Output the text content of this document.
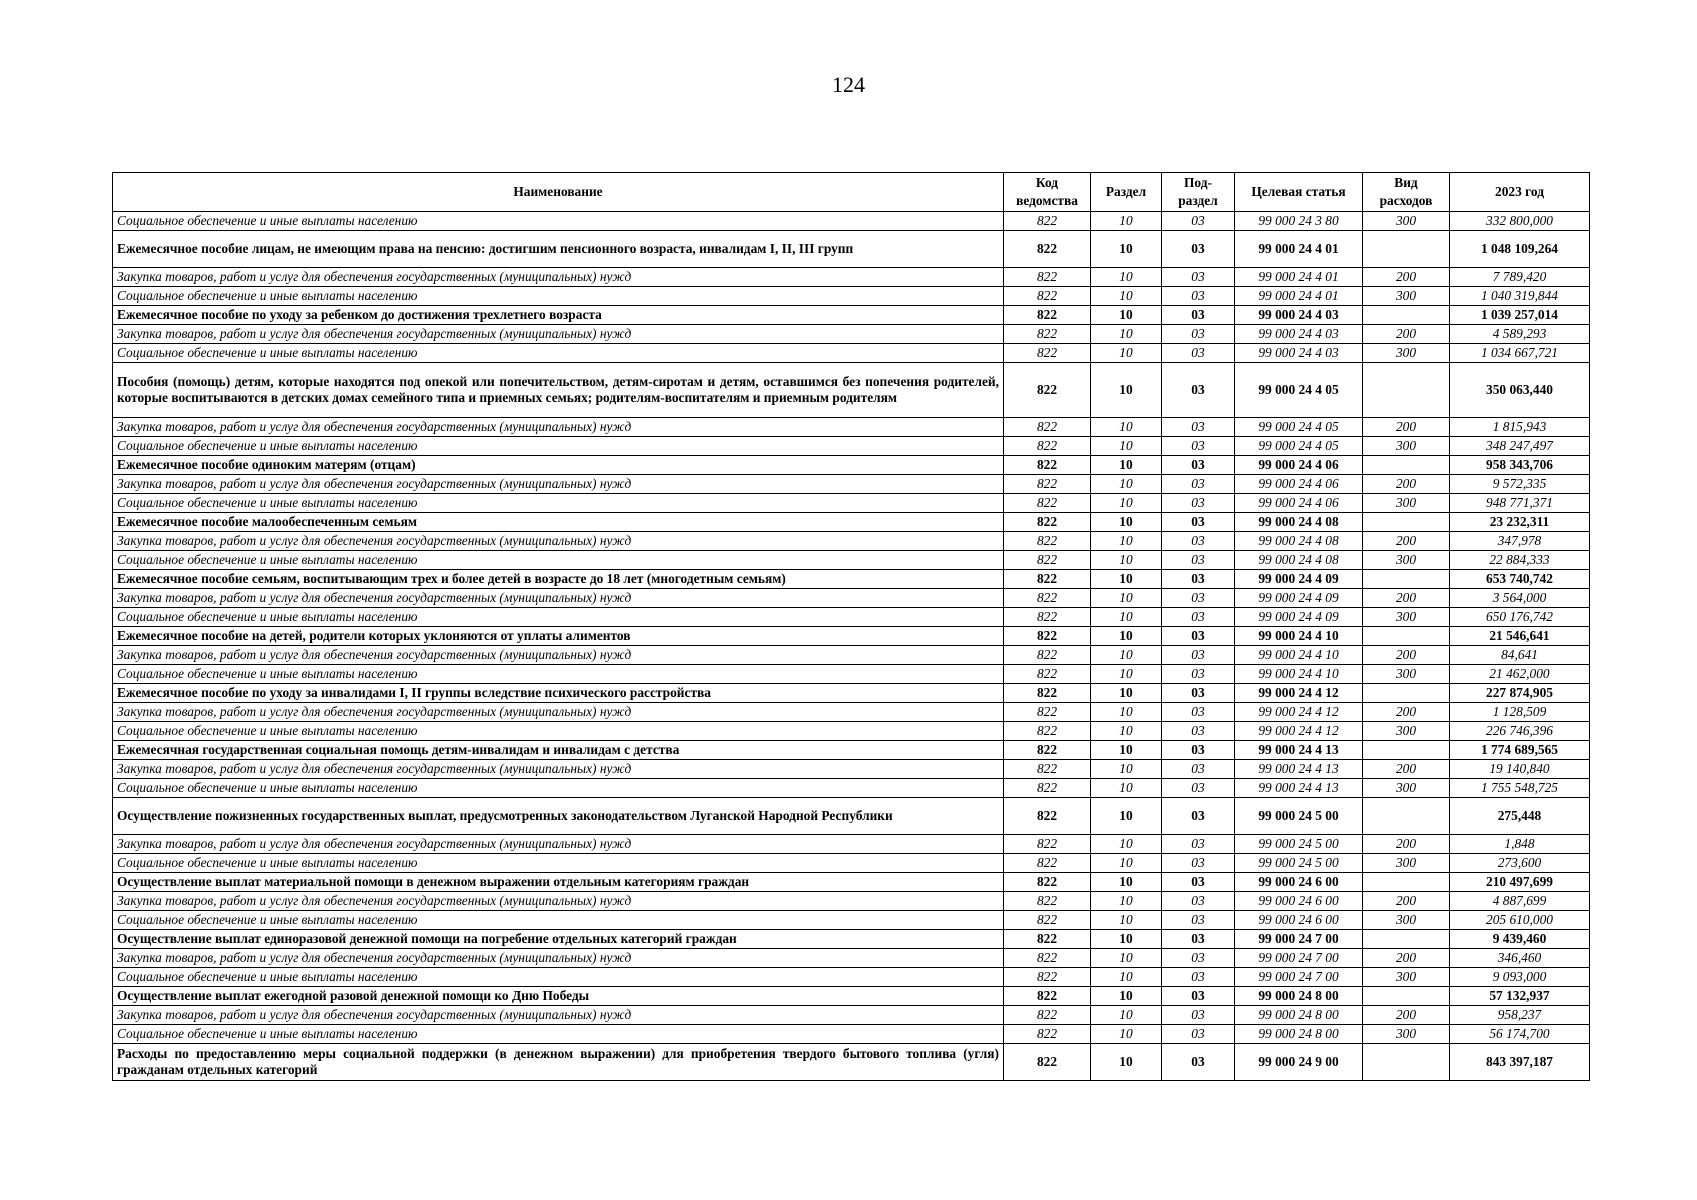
124
Наименование	Код ведомства	Раздел	Под-раздел	Целевая статья	Вид расходов	2023 год
Социальное обеспечение и иные выплаты населению	822	10	03	99 000 24 3 80	300	332 800,000
Ежемесячное пособие лицам, не имеющим права на пенсию: достигшим пенсионного возраста, инвалидам I, II, III групп	822	10	03	99 000 24 4 01		1 048 109,264
Закупка товаров, работ и услуг для обеспечения государственных (муниципальных) нужд	822	10	03	99 000 24 4 01	200	7 789,420
Социальное обеспечение и иные выплаты населению	822	10	03	99 000 24 4 01	300	1 040 319,844
Ежемесячное пособие по уходу за ребенком до достижения трехлетнего возраста	822	10	03	99 000 24 4 03		1 039 257,014
Закупка товаров, работ и услуг для обеспечения государственных (муниципальных) нужд	822	10	03	99 000 24 4 03	200	4 589,293
Социальное обеспечение и иные выплаты населению	822	10	03	99 000 24 4 03	300	1 034 667,721
Пособия (помощь) детям, которые находятся под опекой или попечительством, детям-сиротам и детям, оставшимся без попечения родителей, которые воспитываются в детских домах семейного типа и приемных семьях; родителям-воспитателям и приемным родителям	822	10	03	99 000 24 4 05		350 063,440
Закупка товаров, работ и услуг для обеспечения государственных (муниципальных) нужд	822	10	03	99 000 24 4 05	200	1 815,943
Социальное обеспечение и иные выплаты населению	822	10	03	99 000 24 4 05	300	348 247,497
Ежемесячное пособие одиноким матерям (отцам)	822	10	03	99 000 24 4 06		958 343,706
Закупка товаров, работ и услуг для обеспечения государственных (муниципальных) нужд	822	10	03	99 000 24 4 06	200	9 572,335
Социальное обеспечение и иные выплаты населению	822	10	03	99 000 24 4 06	300	948 771,371
Ежемесячное пособие малообеспеченным семьям	822	10	03	99 000 24 4 08		23 232,311
Закупка товаров, работ и услуг для обеспечения государственных (муниципальных) нужд	822	10	03	99 000 24 4 08	200	347,978
Социальное обеспечение и иные выплаты населению	822	10	03	99 000 24 4 08	300	22 884,333
Ежемесячное пособие семьям, воспитывающим трех и более детей в возрасте до 18 лет (многодетным семьям)	822	10	03	99 000 24 4 09		653 740,742
Закупка товаров, работ и услуг для обеспечения государственных (муниципальных) нужд	822	10	03	99 000 24 4 09	200	3 564,000
Социальное обеспечение и иные выплаты населению	822	10	03	99 000 24 4 09	300	650 176,742
Ежемесячное пособие на детей, родители которых уклоняются от уплаты алиментов	822	10	03	99 000 24 4 10		21 546,641
Закупка товаров, работ и услуг для обеспечения государственных (муниципальных) нужд	822	10	03	99 000 24 4 10	200	84,641
Социальное обеспечение и иные выплаты населению	822	10	03	99 000 24 4 10	300	21 462,000
Ежемесячное пособие по уходу за инвалидами I, II группы вследствие психического расстройства	822	10	03	99 000 24 4 12		227 874,905
Закупка товаров, работ и услуг для обеспечения государственных (муниципальных) нужд	822	10	03	99 000 24 4 12	200	1 128,509
Социальное обеспечение и иные выплаты населению	822	10	03	99 000 24 4 12	300	226 746,396
Ежемесячная государственная социальная помощь детям-инвалидам и инвалидам с детства	822	10	03	99 000 24 4 13		1 774 689,565
Закупка товаров, работ и услуг для обеспечения государственных (муниципальных) нужд	822	10	03	99 000 24 4 13	200	19 140,840
Социальное обеспечение и иные выплаты населению	822	10	03	99 000 24 4 13	300	1 755 548,725
Осуществление пожизненных государственных выплат, предусмотренных законодательством Луганской Народной Республики	822	10	03	99 000 24 5 00		275,448
Закупка товаров, работ и услуг для обеспечения государственных (муниципальных) нужд	822	10	03	99 000 24 5 00	200	1,848
Социальное обеспечение и иные выплаты населению	822	10	03	99 000 24 5 00	300	273,600
Осуществление выплат материальной помощи в денежном выражении отдельным категориям граждан	822	10	03	99 000 24 6 00		210 497,699
Закупка товаров, работ и услуг для обеспечения государственных (муниципальных) нужд	822	10	03	99 000 24 6 00	200	4 887,699
Социальное обеспечение и иные выплаты населению	822	10	03	99 000 24 6 00	300	205 610,000
Осуществление выплат единоразовой денежной помощи на погребение отдельных категорий граждан	822	10	03	99 000 24 7 00		9 439,460
Закупка товаров, работ и услуг для обеспечения государственных (муниципальных) нужд	822	10	03	99 000 24 7 00	200	346,460
Социальное обеспечение и иные выплаты населению	822	10	03	99 000 24 7 00	300	9 093,000
Осуществление выплат ежегодной разовой денежной помощи ко Дню Победы	822	10	03	99 000 24 8 00		57 132,937
Закупка товаров, работ и услуг для обеспечения государственных (муниципальных) нужд	822	10	03	99 000 24 8 00	200	958,237
Социальное обеспечение и иные выплаты населению	822	10	03	99 000 24 8 00	300	56 174,700
Расходы по предоставлению меры социальной поддержки (в денежном выражении) для приобретения твердого бытового топлива (угля) гражданам отдельных категорий	822	10	03	99 000 24 9 00		843 397,187
